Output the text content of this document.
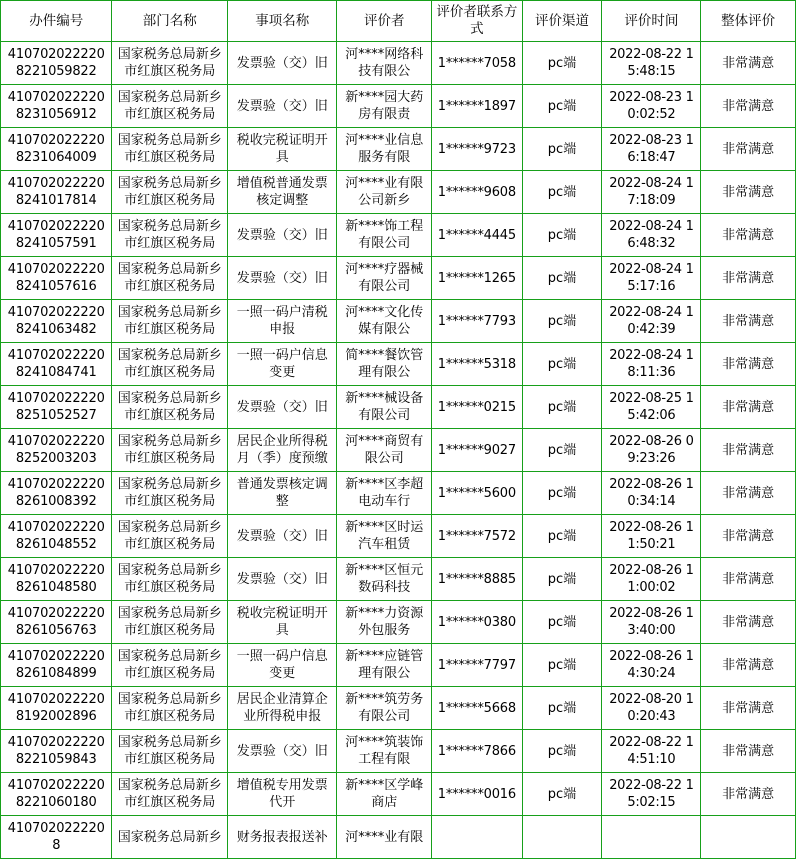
办件编号	部门名称	事项名称	评价者	评价者联系方式	评价渠道	评价时间	整体评价
4107020222208221059822	国家税务总局新乡市红旗区税务局	发票验（交）旧	河****网络科技有限公	1******7058	pc端	2022-08-22 15:48:15	非常满意
4107020222208231056912	国家税务总局新乡市红旗区税务局	发票验（交）旧	新****园大药房有限责	1******1897	pc端	2022-08-23 10:02:52	非常满意
4107020222208231064009	国家税务总局新乡市红旗区税务局	税收完税证明开具	河****业信息服务有限	1******9723	pc端	2022-08-23 16:18:47	非常满意
4107020222208241017814	国家税务总局新乡市红旗区税务局	增值税普通发票核定调整	河****业有限公司新乡	1******9608	pc端	2022-08-24 17:18:09	非常满意
4107020222208241057591	国家税务总局新乡市红旗区税务局	发票验（交）旧	新****饰工程有限公司	1******4445	pc端	2022-08-24 16:48:32	非常满意
4107020222208241057616	国家税务总局新乡市红旗区税务局	发票验（交）旧	河****疗器械有限公司	1******1265	pc端	2022-08-24 15:17:16	非常满意
4107020222208241063482	国家税务总局新乡市红旗区税务局	一照一码户清税申报	河****文化传媒有限公	1******7793	pc端	2022-08-24 10:42:39	非常满意
4107020222208241084741	国家税务总局新乡市红旗区税务局	一照一码户信息变更	简****餐饮管理有限公	1******5318	pc端	2022-08-24 18:11:36	非常满意
4107020222208251052527	国家税务总局新乡市红旗区税务局	发票验（交）旧	新****械设备有限公司	1******0215	pc端	2022-08-25 15:42:06	非常满意
4107020222208252003203	国家税务总局新乡市红旗区税务局	居民企业所得税月（季）度预缴	河****商贸有限公司	1******9027	pc端	2022-08-26 09:23:26	非常满意
4107020222208261008392	国家税务总局新乡市红旗区税务局	普通发票核定调整	新****区李超电动车行	1******5600	pc端	2022-08-26 10:34:14	非常满意
4107020222208261048552	国家税务总局新乡市红旗区税务局	发票验（交）旧	新****区时运汽车租赁	1******7572	pc端	2022-08-26 11:50:21	非常满意
4107020222208261048580	国家税务总局新乡市红旗区税务局	发票验（交）旧	新****区恒元数码科技	1******8885	pc端	2022-08-26 11:00:02	非常满意
4107020222208261056763	国家税务总局新乡市红旗区税务局	税收完税证明开具	新****力资源外包服务	1******0380	pc端	2022-08-26 13:40:00	非常满意
4107020222208261084899	国家税务总局新乡市红旗区税务局	一照一码户信息变更	新****应链管理有限公	1******7797	pc端	2022-08-26 14:30:24	非常满意
4107020222208192002896	国家税务总局新乡市红旗区税务局	居民企业清算企业所得税申报	新****筑劳务有限公司	1******5668	pc端	2022-08-20 10:20:43	非常满意
4107020222208221059843	国家税务总局新乡市红旗区税务局	发票验（交）旧	河****筑装饰工程有限	1******7866	pc端	2022-08-22 14:51:10	非常满意
4107020222208221060180	国家税务总局新乡市红旗区税务局	增值税专用发票代开	新****区学峰商店	1******0016	pc端	2022-08-22 15:02:15	非常满意
4107020222208	国家税务总局新乡	财务报表报送补	河****业有限				
